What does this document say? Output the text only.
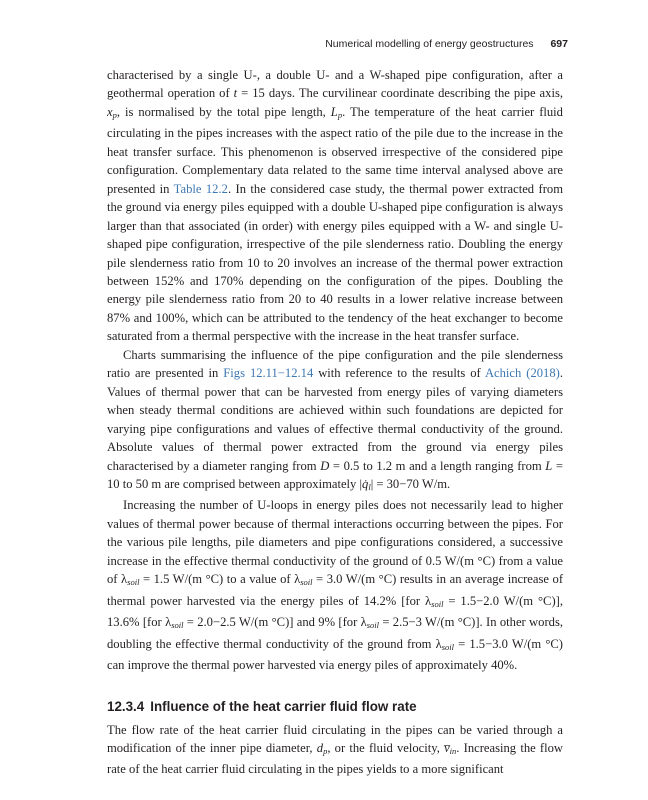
Numerical modelling of energy geostructures 697

characterised by a single U-, a double U- and a W-shaped pipe configuration, after a geothermal operation of t = 15 days. The curvilinear coordinate describing the pipe axis, $x_p$, is normalised by the total pipe length, $L_p$. The temperature of the heat carrier fluid circulating in the pipes increases with the aspect ratio of the pile due to the increase in the heat transfer surface. This phenomenon is observed irrespective of the considered pipe configuration. Complementary data related to the same time interval analysed above are presented in Table 12.2. In the considered case study, the thermal power extracted from the ground via energy piles equipped with a double U-shaped pipe configuration is always larger than that associated (in order) with energy piles equipped with a W- and single U-shaped pipe configuration, irrespective of the pile slenderness ratio. Doubling the energy pile slenderness ratio from 10 to 20 involves an increase of the thermal power extraction between 152% and 170% depending on the configuration of the pipes. Doubling the energy pile slenderness ratio from 20 to 40 results in a lower relative increase between 87% and 100%, which can be attributed to the tendency of the heat exchanger to become saturated from a thermal perspective with the increase in the heat transfer surface.

Charts summarising the influence of the pipe configuration and the pile slenderness ratio are presented in Figs 12.11−12.14 with reference to the results of Achich (2018). Values of thermal power that can be harvested from energy piles of varying diameters when steady thermal conditions are achieved within such foundations are depicted for varying pipe configurations and values of effective thermal conductivity of the ground. Absolute values of thermal power extracted from the ground via energy piles characterised by a diameter ranging from D = 0.5 to 1.2 m and a length ranging from L = 10 to 50 m are comprised between approximately $|q̇_l| = 30-70$ W/m.

Increasing the number of U-loops in energy piles does not necessarily lead to higher values of thermal power because of thermal interactions occurring between the pipes. For the various pile lengths, pile diameters and pipe configurations considered, a successive increase in the effective thermal conductivity of the ground of 0.5 W/(m °C) from a value of $\lambda_{soil} = 1.5$ W/(m °C) to a value of $\lambda_{soil} = 3.0$ W/(m °C) results in an average increase of thermal power harvested via the energy piles of 14.2% [for $\lambda_{soil} = 1.5-2.0$ W/(m °C)], 13.6% [for $\lambda_{soil} = 2.0-2.5$ W/(m °C)] and 9% [for $\lambda_{soil} = 2.5-3$ W/(m °C)]. In other words, doubling the effective thermal conductivity of the ground from $\lambda_{soil} = 1.5-3.0$ W/(m °C) can improve the thermal power harvested via energy piles of approximately 40%.

12.3.4 Influence of the heat carrier fluid flow rate

The flow rate of the heat carrier fluid circulating in the pipes can be varied through a modification of the inner pipe diameter, $d_p$, or the fluid velocity, $v̅_{in}$. Increasing the flow rate of the heat carrier fluid circulating in the pipes yields to a more significant
